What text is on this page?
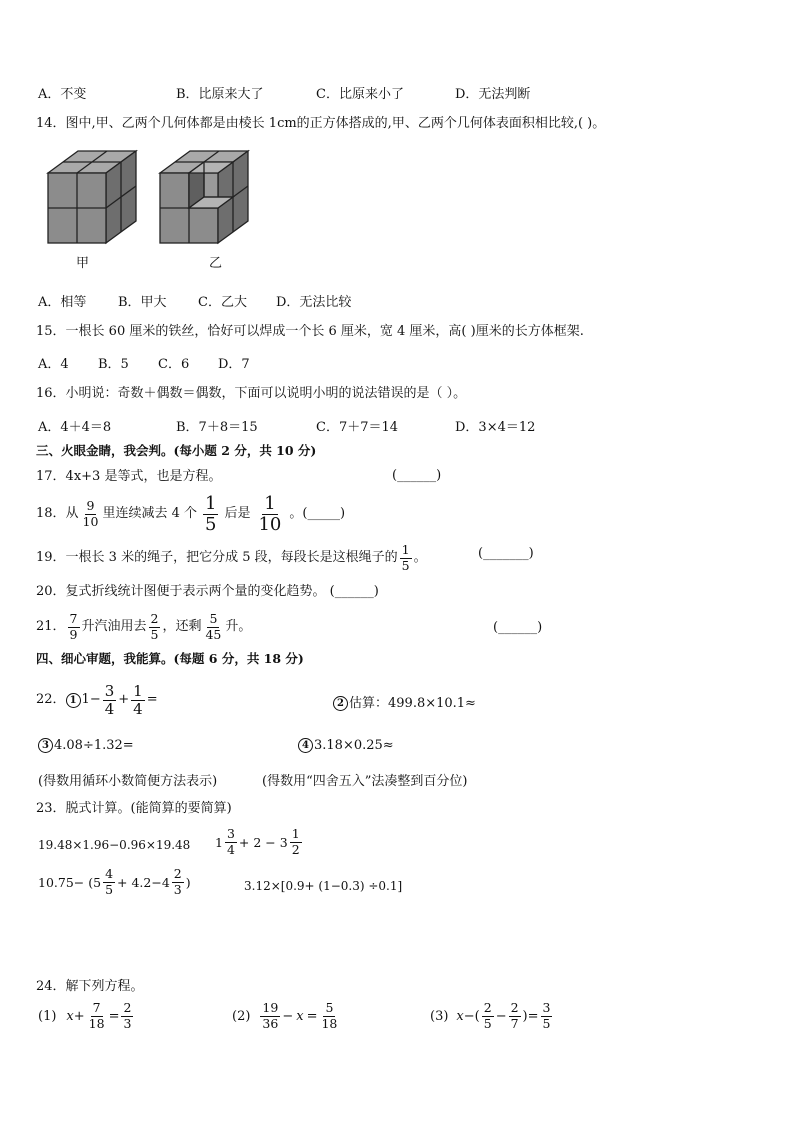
A．不变	B．比原来大了	C．比原来小了	D．无法判断
14．图中,甲、乙两个几何体都是由棱长 1cm的正方体搭成的,甲、乙两个几何体表面积相比较,( )。
甲	乙
A．相等 B．甲大 C．乙大 D．无法比较
15．一根长 60 厘米的铁丝，恰好可以焊成一个长 6 厘米，宽 4 厘米，高( )厘米的长方体框架.
A．4 B．5 C．6 D．7
16．小明说：奇数＋偶数＝偶数，下面可以说明小明的说法错误的是（ ）。
A．4＋4＝8	B．7＋8＝15	C．7＋7＝14	D．3×4＝12
三、火眼金睛，我会判。(每小题 2 分，共 10 分)
17．4x+3 是等式，也是方程。	(______)
18．从 $\frac{9}{10}$ 里连续减去 4 个 $\frac{1}{5}$ 后是 $\frac{1}{10}$ 。(_____)
19．一根长 3 米的绳子，把它分成 5 段，每段长是这根绳子的 $\frac{1}{5}$ 。	(_______)
20．复式折线统计图便于表示两个量的变化趋势。 (______)
21． $\frac{7}{9}$ 升汽油用去 $\frac{2}{5}$ ，还剩 $\frac{5}{45}$ 升。	(______)
四、细心审题，我能算。(每题 6 分，共 18 分)
22． 1 $1- \frac{3}{4} + \frac{1}{4}$ =	2 估算：499.8×10.1≈
3 4.08÷1.32=	4 3.18×0.25≈
(得数用循环小数简便方法表示)	(得数用“四舍五入”法凑整到百分位)
23．脱式计算。(能简算的要简算)
19.48×1.96−0.96×19.48 $1 \frac{3}{4} + 2 - 3 \frac{1}{2}$
$10.75- (5 \frac{4}{5} + 4.2-4 \frac{2}{3}$ )	3.12×[0.9+ (1−0.3) ÷0.1]
24．解下列方程。
(1) $x + \frac{7}{18} = \frac{2}{3}$	$(2) \frac{19}{36} - x = \frac{5}{18}$	(3) x −( $\frac{2}{5} - \frac{2}{7}$ ) = $\frac{3}{5}$
